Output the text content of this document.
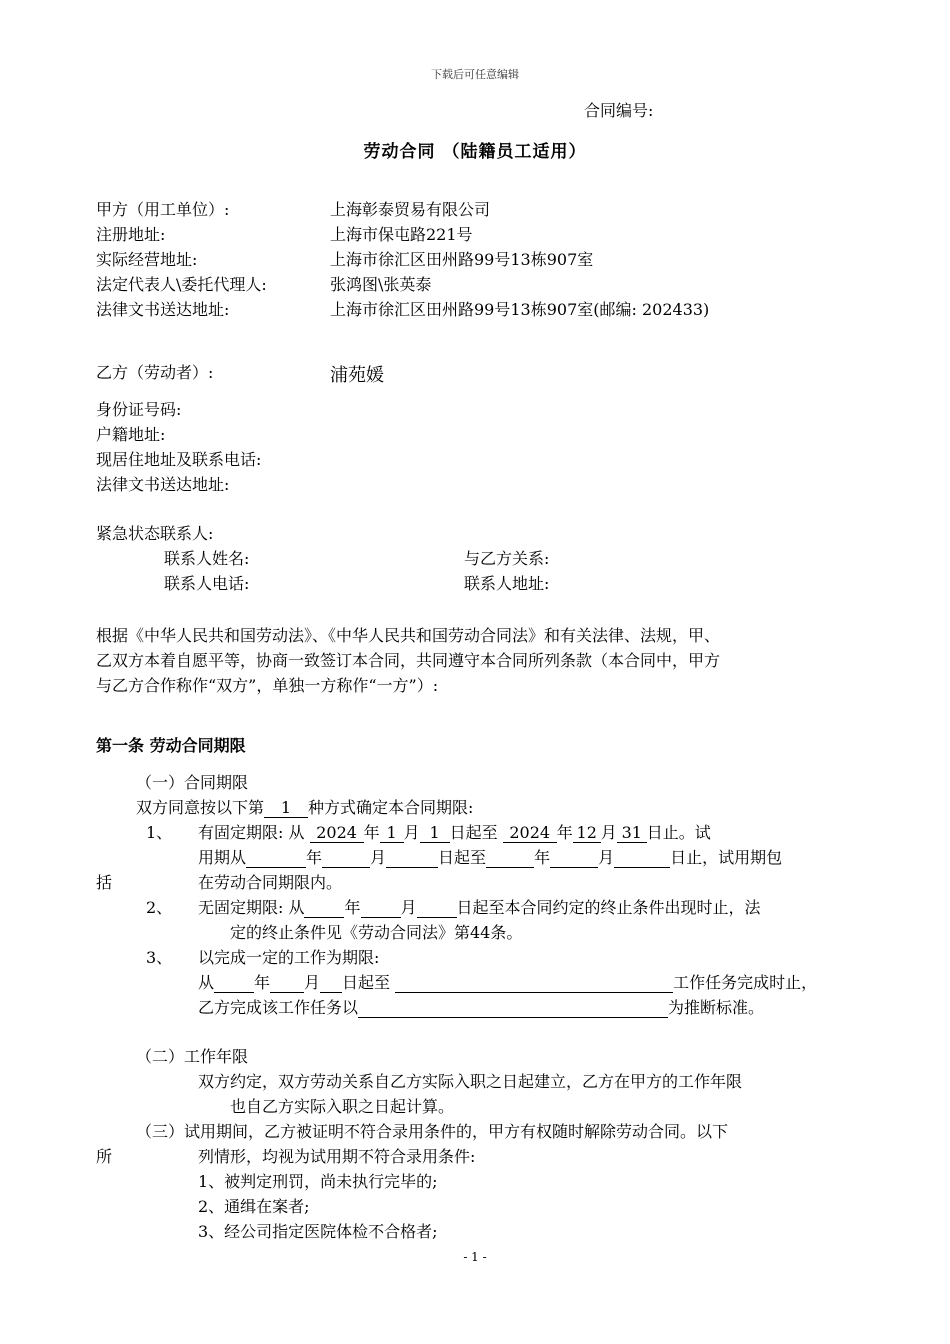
下载后可任意编辑
合同编号:
劳动合同 （陆籍员工适用）
甲方（用工单位）:	上海彰泰贸易有限公司
注册地址:	上海市保屯路221号
实际经营地址:	上海市徐汇区田州路99号13栋907室
法定代表人\委托代理人:	张鸿图\张英泰
法律文书送达地址:	上海市徐汇区田州路99号13栋907室(邮编: 202433)
乙方（劳动者）:	浦苑媛
身份证号码:
户籍地址:
现居住地址及联系电话:
法律文书送达地址:
紧急状态联系人:
联系人姓名:	与乙方关系:
联系人电话:	联系人地址:
根据《中华人民共和国劳动法》、《中华人民共和国劳动合同法》和有关法律、法规，甲、
乙双方本着自愿平等，协商一致签订本合同，共同遵守本合同所列条款（本合同中，甲方
与乙方合作称作“双方”，单独一方称作“一方”）:
第一条 劳动合同期限
（一）合同期限
双方同意按以下第 1 种方式确定本合同期限:
1、 有固定期限: 从 2024 年 1 月 1 日起至 2024 年 12 月 31 日止。试
用期从	年	月	日起至	年	月	日止，试用期包
括	在劳动合同期限内。
2、 无固定期限: 从	年	月	日起至本合同约定的终止条件出现时止，法
定的终止条件见《劳动合同法》第44条。
3、 以完成一定的工作为期限:
从	年 月 日起至	工作任务完成时止，
乙方完成该工作任务以	为推断标准。
（二）工作年限
双方约定，双方劳动关系自乙方实际入职之日起建立，乙方在甲方的工作年限
也自乙方实际入职之日起计算。
（三）试用期间，乙方被证明不符合录用条件的，甲方有权随时解除劳动合同。以下
所	列情形，均视为试用期不符合录用条件:
1、被判定刑罚，尚未执行完毕的;
2、通缉在案者;
3、经公司指定医院体检不合格者;
- 1 -
